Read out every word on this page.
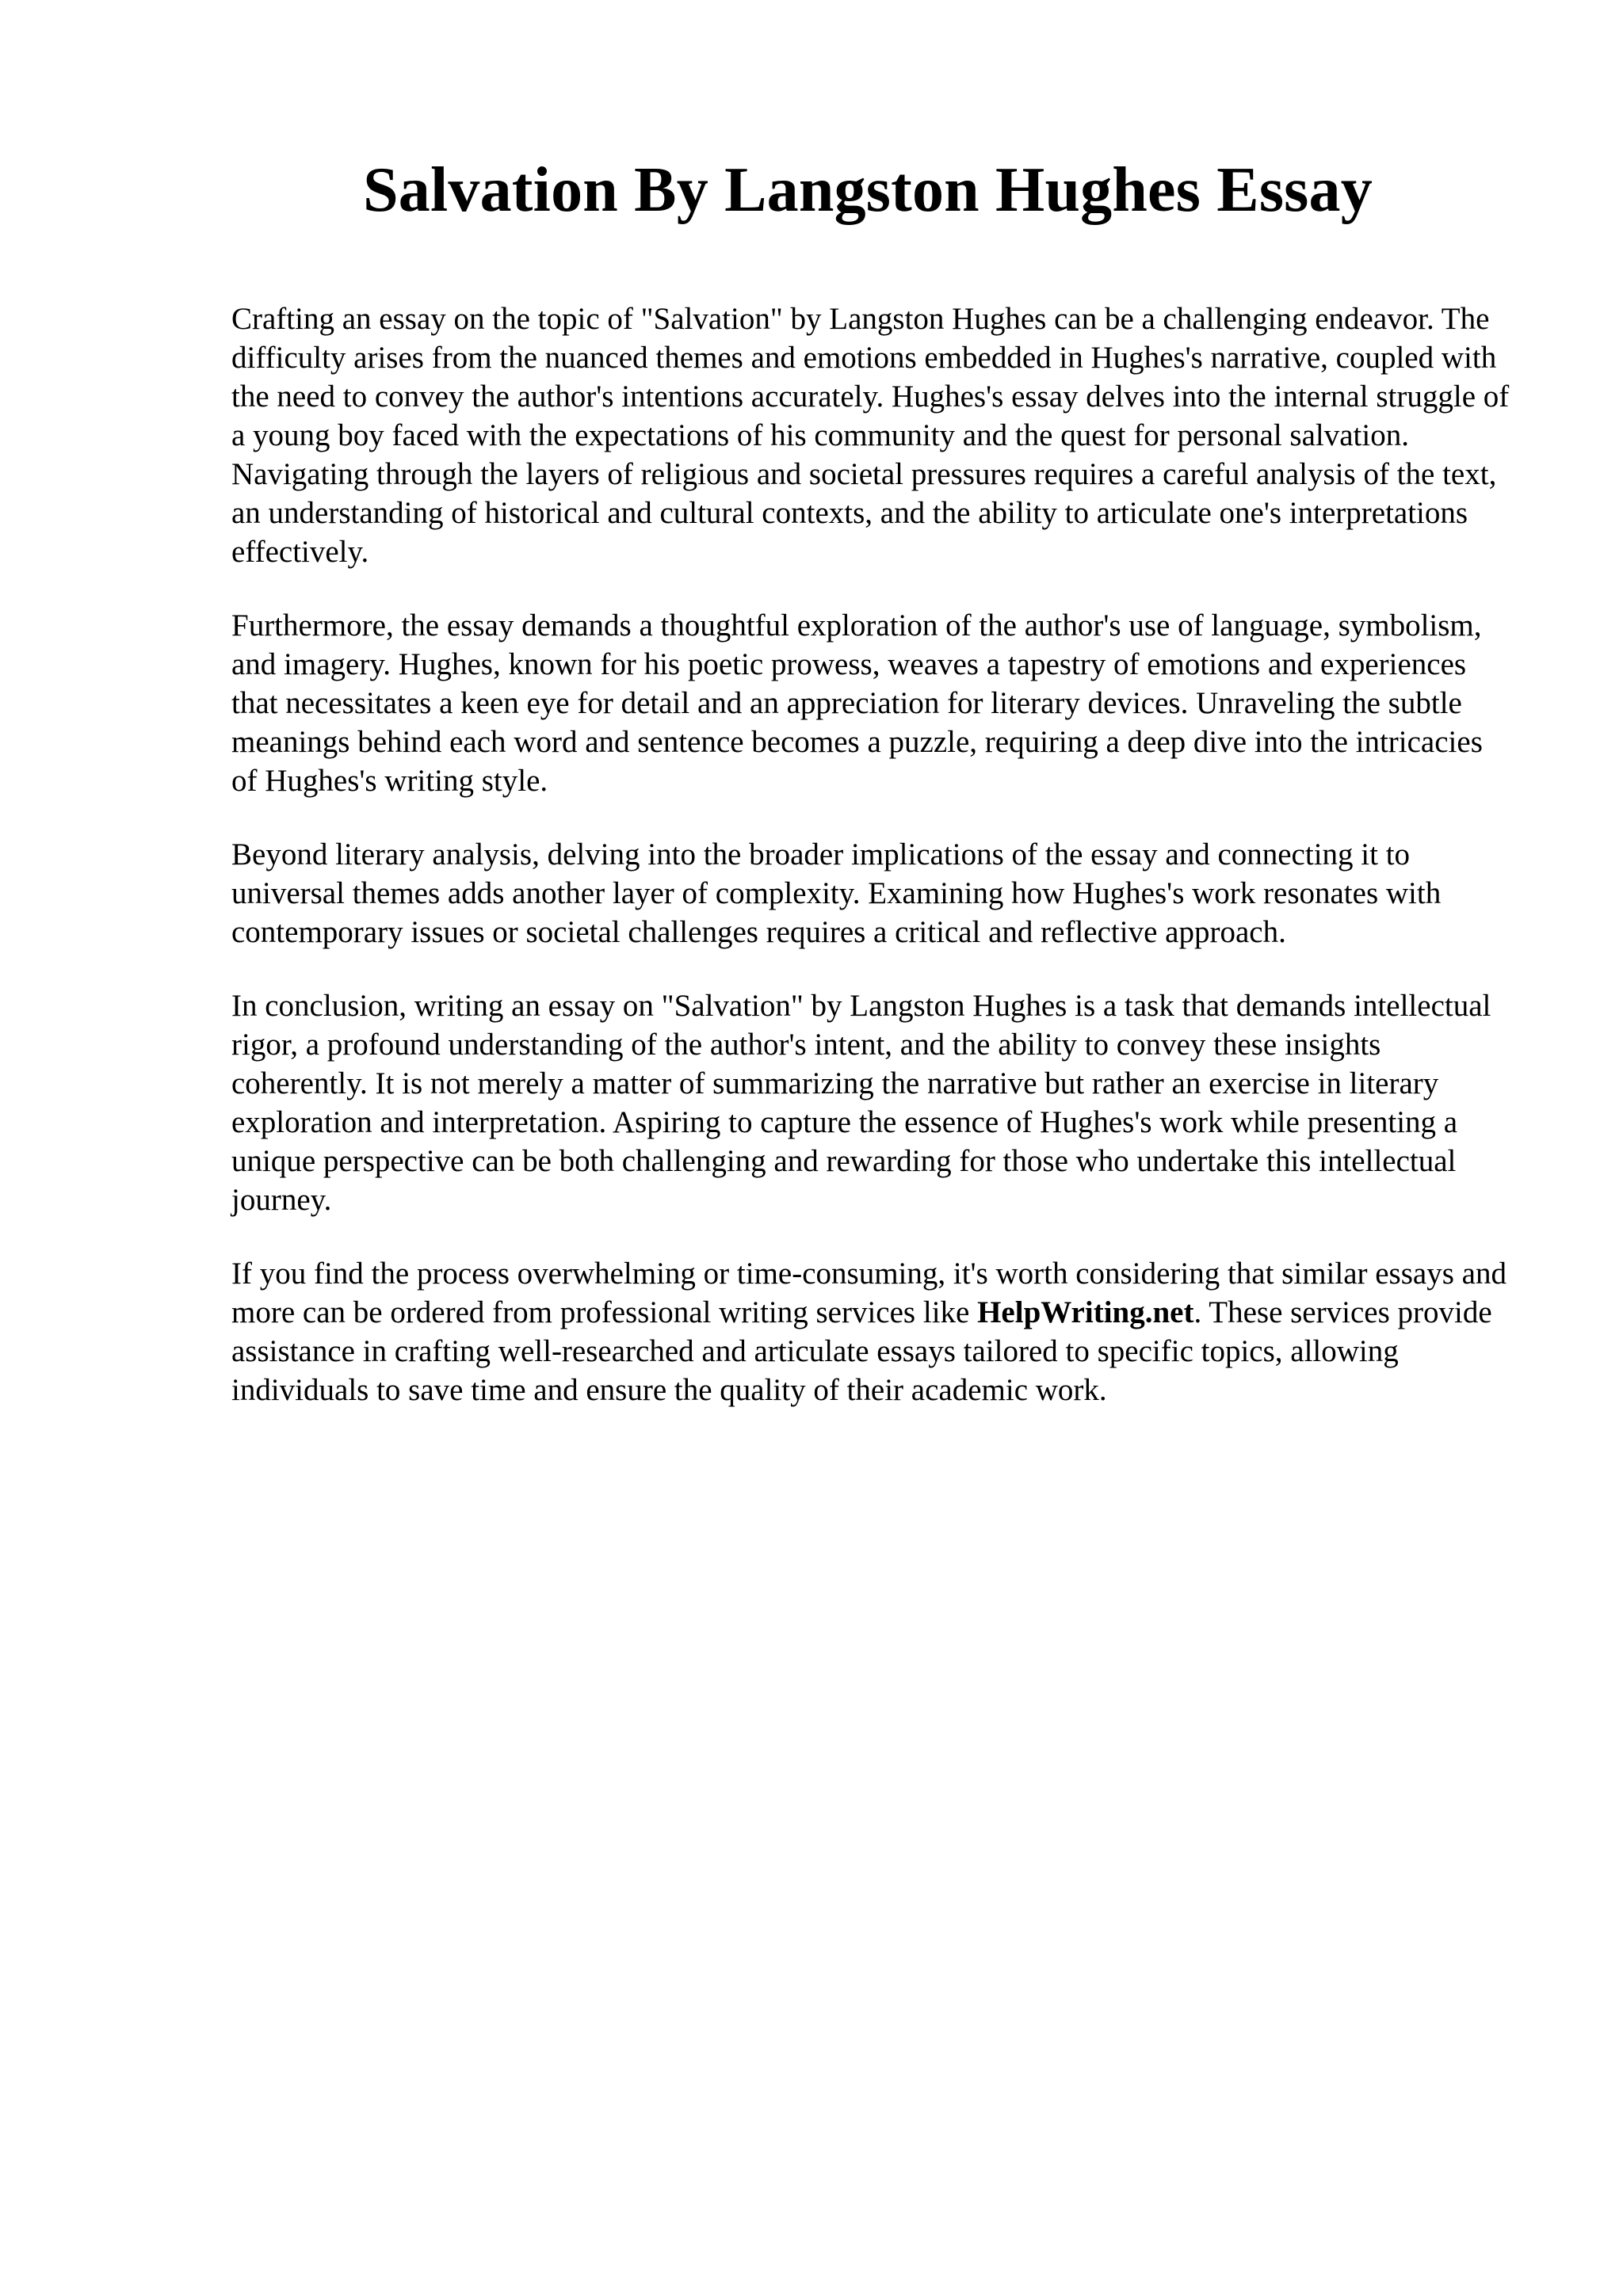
Salvation By Langston Hughes Essay

Crafting an essay on the topic of "Salvation" by Langston Hughes can be a challenging endeavor. The difficulty arises from the nuanced themes and emotions embedded in Hughes's narrative, coupled with the need to convey the author's intentions accurately. Hughes's essay delves into the internal struggle of a young boy faced with the expectations of his community and the quest for personal salvation. Navigating through the layers of religious and societal pressures requires a careful analysis of the text, an understanding of historical and cultural contexts, and the ability to articulate one's interpretations effectively.

Furthermore, the essay demands a thoughtful exploration of the author's use of language, symbolism, and imagery. Hughes, known for his poetic prowess, weaves a tapestry of emotions and experiences that necessitates a keen eye for detail and an appreciation for literary devices. Unraveling the subtle meanings behind each word and sentence becomes a puzzle, requiring a deep dive into the intricacies of Hughes's writing style.

Beyond literary analysis, delving into the broader implications of the essay and connecting it to universal themes adds another layer of complexity. Examining how Hughes's work resonates with contemporary issues or societal challenges requires a critical and reflective approach.

In conclusion, writing an essay on "Salvation" by Langston Hughes is a task that demands intellectual rigor, a profound understanding of the author's intent, and the ability to convey these insights coherently. It is not merely a matter of summarizing the narrative but rather an exercise in literary exploration and interpretation. Aspiring to capture the essence of Hughes's work while presenting a unique perspective can be both challenging and rewarding for those who undertake this intellectual journey.

If you find the process overwhelming or time-consuming, it's worth considering that similar essays and more can be ordered from professional writing services like HelpWriting.net. These services provide assistance in crafting well-researched and articulate essays tailored to specific topics, allowing individuals to save time and ensure the quality of their academic work.
